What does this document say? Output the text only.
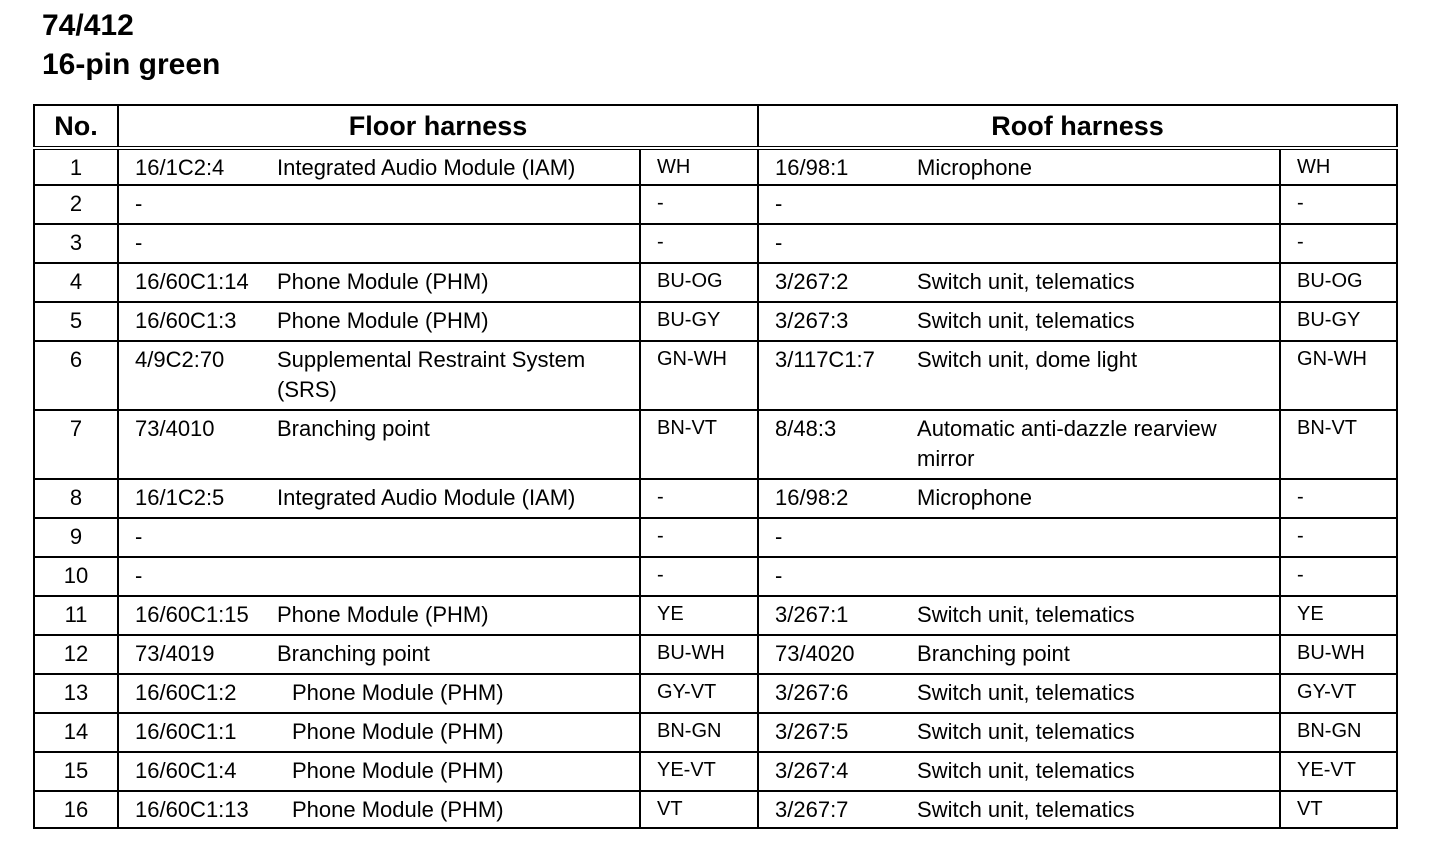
74/412
16-pin green
No.	Floor harness		Roof harness	
1	16/1C2:4 Integrated Audio Module (IAM)	WH	16/98:1 Microphone	WH
2	-	-	-	-
3	-	-	-	-
4	16/60C1:14 Phone Module (PHM)	BU-OG	3/267:2 Switch unit, telematics	BU-OG
5	16/60C1:3 Phone Module (PHM)	BU-GY	3/267:3 Switch unit, telematics	BU-GY
6	4/9C2:70 Supplemental Restraint System (SRS)	GN-WH	3/117C1:7 Switch unit, dome light	GN-WH
7	73/4010 Branching point	BN-VT	8/48:3 Automatic anti-dazzle rearview mirror	BN-VT
8	16/1C2:5 Integrated Audio Module (IAM)	-	16/98:2 Microphone	-
9	-	-	-	-
10	-	-	-	-
11	16/60C1:15 Phone Module (PHM)	YE	3/267:1 Switch unit, telematics	YE
12	73/4019 Branching point	BU-WH	73/4020 Branching point	BU-WH
13	16/60C1:2 Phone Module (PHM)	GY-VT	3/267:6 Switch unit, telematics	GY-VT
14	16/60C1:1 Phone Module (PHM)	BN-GN	3/267:5 Switch unit, telematics	BN-GN
15	16/60C1:4 Phone Module (PHM)	YE-VT	3/267:4 Switch unit, telematics	YE-VT
16	16/60C1:13 Phone Module (PHM)	VT	3/267:7 Switch unit, telematics	VT
